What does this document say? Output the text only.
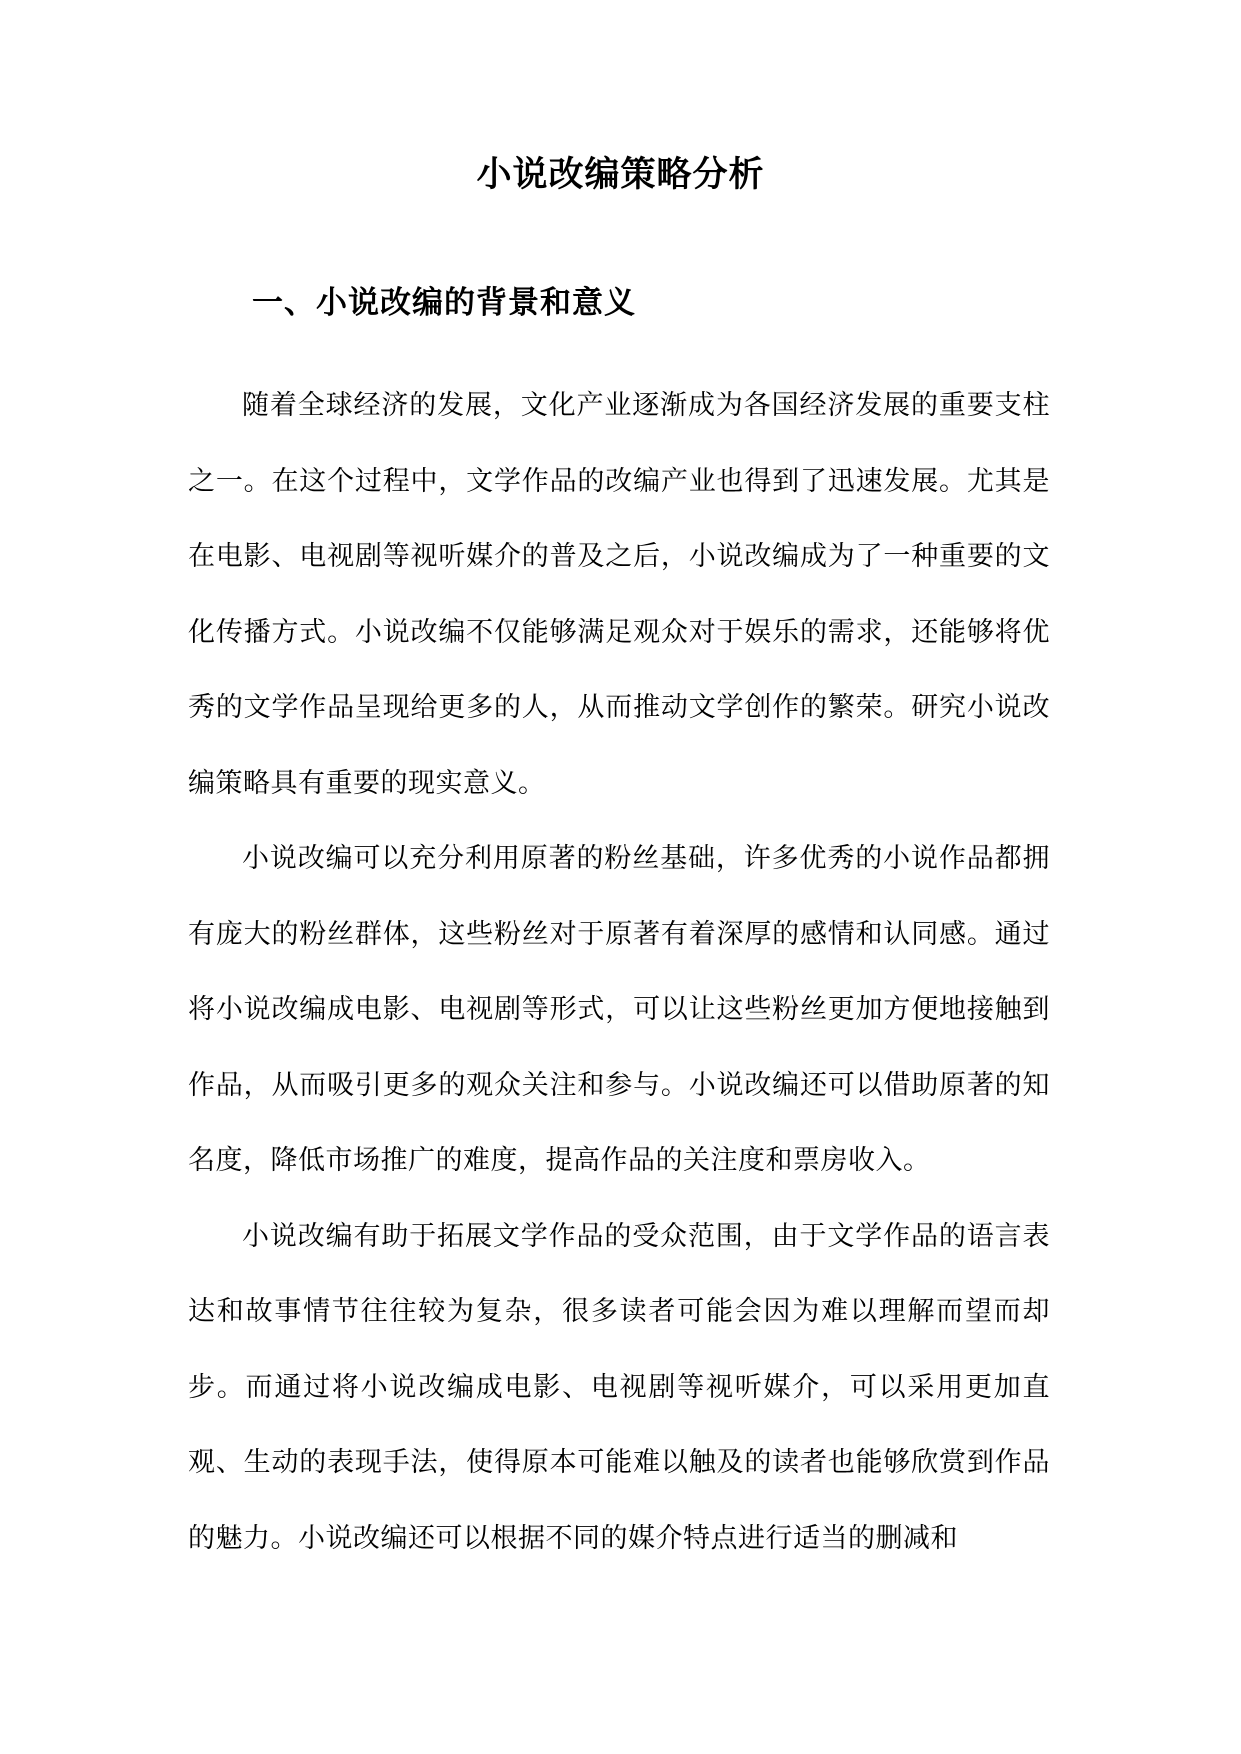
小说改编策略分析
一、小说改编的背景和意义

随着全球经济的发展，文化产业逐渐成为各国经济发展的重要支柱之一。在这个过程中，文学作品的改编产业也得到了迅速发展。尤其是在电影、电视剧等视听媒介的普及之后，小说改编成为了一种重要的文化传播方式。小说改编不仅能够满足观众对于娱乐的需求，还能够将优秀的文学作品呈现给更多的人，从而推动文学创作的繁荣。研究小说改编策略具有重要的现实意义。

小说改编可以充分利用原著的粉丝基础，许多优秀的小说作品都拥有庞大的粉丝群体，这些粉丝对于原著有着深厚的感情和认同感。通过将小说改编成电影、电视剧等形式，可以让这些粉丝更加方便地接触到作品，从而吸引更多的观众关注和参与。小说改编还可以借助原著的知名度，降低市场推广的难度，提高作品的关注度和票房收入。

小说改编有助于拓展文学作品的受众范围，由于文学作品的语言表达和故事情节往往较为复杂，很多读者可能会因为难以理解而望而却步。而通过将小说改编成电影、电视剧等视听媒介，可以采用更加直观、生动的表现手法，使得原本可能难以触及的读者也能够欣赏到作品的魅力。小说改编还可以根据不同的媒介特点进行适当的删减和
